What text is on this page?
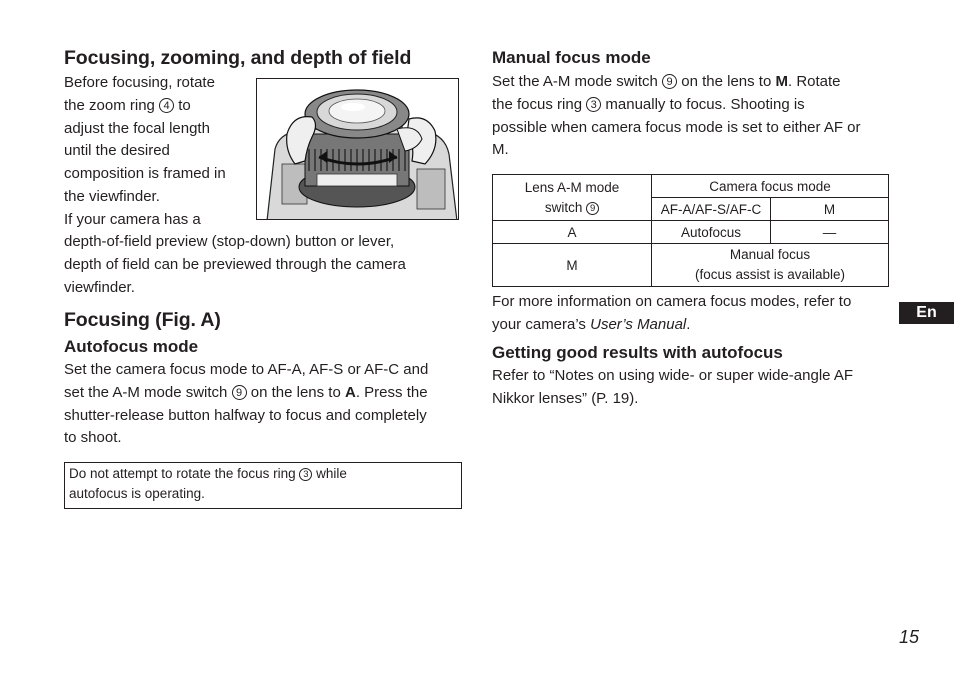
Focusing, zooming, and depth of field
Before focusing, rotate
the zoom ring 4 to
adjust the focal length
until the desired
composition is framed in
the viewfinder.
If your camera has a
depth-of-field preview (stop-down) button or lever,
depth of field can be previewed through the camera
viewfinder.
Focusing (Fig. A)
Autofocus mode
Set the camera focus mode to AF-A, AF-S or AF-C and
set the A-M mode switch 9 on the lens to A. Press the
shutter-release button halfway to focus and completely
to shoot.
Do not attempt to rotate the focus ring 3 while
autofocus is operating.
Manual focus mode
Set the A-M mode switch 9 on the lens to M. Rotate
the focus ring 3 manually to focus. Shooting is
possible when camera focus mode is set to either AF or
M.
Lens A-M mode
switch 9	Camera focus mode	
	AF-A/AF-S/AF-C	M
A	Autofocus	—
M	Manual focus
(focus assist is available)	
For more information on camera focus modes, refer to
your camera’s User’s Manual.
Getting good results with autofocus
Refer to “Notes on using wide- or super wide-angle AF
Nikkor lenses” (P. 19).
En
15
